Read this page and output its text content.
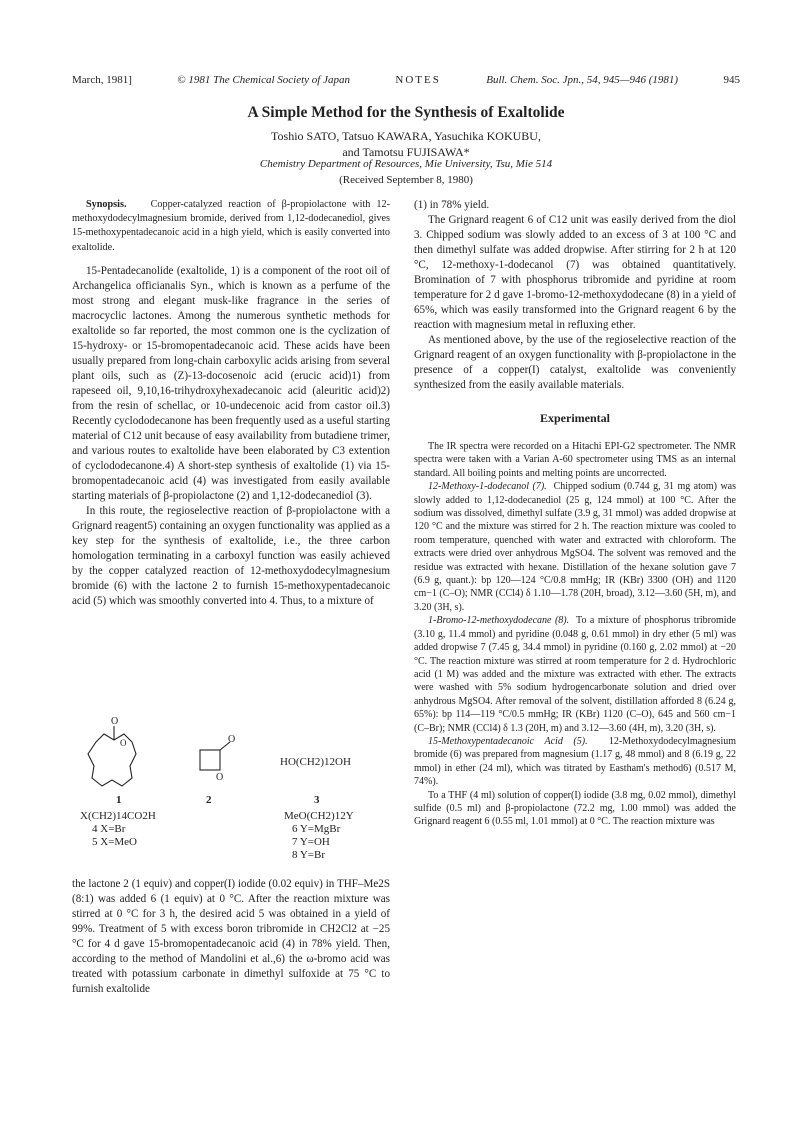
March, 1981]	© 1981 The Chemical Society of Japan	NOTES	Bull. Chem. Soc. Jpn., 54, 945—946 (1981)	945
A Simple Method for the Synthesis of Exaltolide
Toshio SATO, Tatsuo KAWARA, Yasuchika KOKUBU,
and Tamotsu FUJISAWA*
Chemistry Department of Resources, Mie University, Tsu, Mie 514
(Received September 8, 1980)

Synopsis. Copper-catalyzed reaction of β-propiolactone with 12-methoxydodecylmagnesium bromide, derived from 1,12-dodecanediol, gives 15-methoxypentadecanoic acid in a high yield, which is easily converted into exaltolide.

15-Pentadecanolide (exaltolide, 1) is a component of the root oil of Archangelica officianalis Syn., which is known as a perfume of the most strong and elegant musk-like fragrance in the series of macrocyclic lactones. Among the numerous synthetic methods for exaltolide so far reported, the most common one is the cyclization of 15-hydroxy- or 15-bromopentadecanoic acid. These acids have been usually prepared from long-chain carboxylic acids arising from several plant oils, such as (Z)-13-docosenoic acid (erucic acid)1) from rapeseed oil, 9,10,16-trihydroxyhexadecanoic acid (aleuritic acid)2) from the resin of schellac, or 10-undecenoic acid from castor oil.3) Recently cyclododecanone has been frequently used as a useful starting material of C12 unit because of easy availability from butadiene trimer, and various routes to exaltolide have been elaborated by C3 extention of cyclododecanone.4) A short-step synthesis of exaltolide (1) via 15-bromopentadecanoic acid (4) was investigated from easily available starting materials of β-propiolactone (2) and 1,12-dodecanediol (3).

In this route, the regioselective reaction of β-propiolactone with a Grignard reagent5) containing an oxygen functionality was applied as a key step for the synthesis of exaltolide, i.e., the three carbon homologation terminating in a carboxyl function was easily achieved by the copper catalyzed reaction of 12-methoxydodecylmagnesium bromide (6) with the lactone 2 to furnish 15-methoxypentadecanoic acid (5) which was smoothly converted into 4. Thus, to a mixture of

O
O	O
O
1	2	3
HO(CH2)12OH
X(CH2)14CO2H
4 X=Br
5 X=MeO
MeO(CH2)12Y
6 Y=MgBr
7 Y=OH
8 Y=Br

the lactone 2 (1 equiv) and copper(I) iodide (0.02 equiv) in THF–Me2S (8:1) was added 6 (1 equiv) at 0 °C. After the reaction mixture was stirred at 0 °C for 3 h, the desired acid 5 was obtained in a yield of 99%. Treatment of 5 with excess boron tribromide in CH2Cl2 at −25 °C for 4 d gave 15-bromopentadecanoic acid (4) in 78% yield. Then, according to the method of Mandolini et al.,6) the ω-bromo acid was treated with potassium carbonate in dimethyl sulfoxide at 75 °C to furnish exaltolide

(1) in 78% yield.

The Grignard reagent 6 of C12 unit was easily derived from the diol 3. Chipped sodium was slowly added to an excess of 3 at 100 °C and then dimethyl sulfate was added dropwise. After stirring for 2 h at 120 °C, 12-methoxy-1-dodecanol (7) was obtained quantitatively. Bromination of 7 with phosphorus tribromide and pyridine at room temperature for 2 d gave 1-bromo-12-methoxydodecane (8) in a yield of 65%, which was easily transformed into the Grignard reagent 6 by the reaction with magnesium metal in refluxing ether.

As mentioned above, by the use of the regioselective reaction of the Grignard reagent of an oxygen functionality with β-propiolactone in the presence of a copper(I) catalyst, exaltolide was conveniently synthesized from the easily available materials.

Experimental

The IR spectra were recorded on a Hitachi EPI-G2 spectrometer. The NMR spectra were taken with a Varian A-60 spectrometer using TMS as an internal standard. All boiling points and melting points are uncorrected.

12-Methoxy-1-dodecanol (7). Chipped sodium (0.744 g, 31 mg atom) was slowly added to 1,12-dodecanediol (25 g, 124 mmol) at 100 °C. After the sodium was dissolved, dimethyl sulfate (3.9 g, 31 mmol) was added dropwise at 120 °C and the mixture was stirred for 2 h. The reaction mixture was cooled to room temperature, quenched with water and extracted with chloroform. The extracts were dried over anhydrous MgSO4. The solvent was removed and the residue was extracted with hexane. Distillation of the hexane solution gave 7 (6.9 g, quant.): bp 120—124 °C/0.8 mmHg; IR (KBr) 3300 (OH) and 1120 cm−1 (C–O); NMR (CCl4) δ 1.10—1.78 (20H, broad), 3.12—3.60 (5H, m), and 3.20 (3H, s).

1-Bromo-12-methoxydodecane (8). To a mixture of phosphorus tribromide (3.10 g, 11.4 mmol) and pyridine (0.048 g, 0.61 mmol) in dry ether (5 ml) was added dropwise 7 (7.45 g, 34.4 mmol) in pyridine (0.160 g, 2.02 mmol) at −20 °C. The reaction mixture was stirred at room temperature for 2 d. Hydrochloric acid (1 M) was added and the mixture was extracted with ether. The extracts were washed with 5% sodium hydrogencarbonate solution and dried over anhydrous MgSO4. After removal of the solvent, distillation afforded 8 (6.24 g, 65%): bp 114—119 °C/0.5 mmHg; IR (KBr) 1120 (C–O), 645 and 560 cm−1 (C–Br); NMR (CCl4) δ 1.3 (20H, m) and 3.12—3.60 (4H, m), 3.20 (3H, s).

15-Methoxypentadecanoic Acid (5). 12-Methoxydodecylmagnesium bromide (6) was prepared from magnesium (1.17 g, 48 mmol) and 8 (6.19 g, 22 mmol) in ether (24 ml), which was titrated by Eastham's method6) (0.517 M, 74%).

To a THF (4 ml) solution of copper(I) iodide (3.8 mg, 0.02 mmol), dimethyl sulfide (0.5 ml) and β-propiolactone (72.2 mg, 1.00 mmol) was added the Grignard reagent 6 (0.55 ml, 1.01 mmol) at 0 °C. The reaction mixture was
